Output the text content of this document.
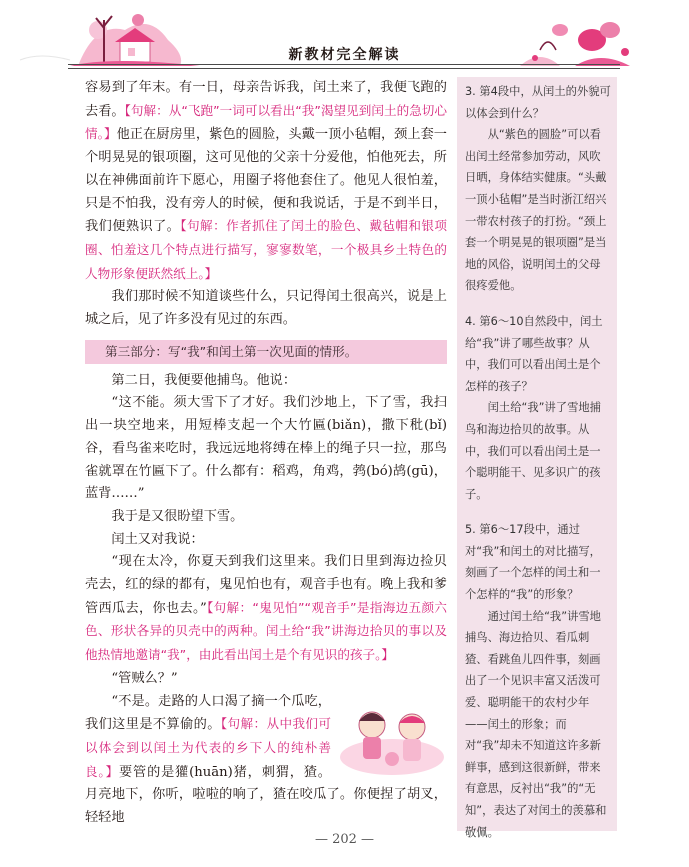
新教材完全解读

容易到了年末。有一日，母亲告诉我，闰土来了，我便飞跑的去看。【句解：从“飞跑”一词可以看出“我”渴望见到闰土的急切心情。】他正在厨房里，紫色的圆脸，头戴一顶小毡帽，颈上套一个明晃晃的银项圈，这可见他的父亲十分爱他，怕他死去，所以在神佛面前许下愿心，用圈子将他套住了。他见人很怕羞，只是不怕我，没有旁人的时候，便和我说话，于是不到半日，我们便熟识了。【句解：作者抓住了闰土的脸色、戴毡帽和银项圈、怕羞这几个特点进行描写，寥寥数笔，一个极具乡土特色的人物形象便跃然纸上。】

我们那时候不知道谈些什么，只记得闰土很高兴，说是上城之后，见了许多没有见过的东西。

第三部分：写“我”和闰土第一次见面的情形。

第二日，我便要他捕鸟。他说：

“这不能。须大雪下了才好。我们沙地上，下了雪，我扫出一块空地来，用短棒支起一个大竹匾(biǎn)，撒下秕(bǐ)谷，看鸟雀来吃时，我远远地将缚在棒上的绳子只一拉，那鸟雀就罩在竹匾下了。什么都有：稻鸡，角鸡，鹁(bó)鸪(gū)，蓝背……”

我于是又很盼望下雪。

闰土又对我说：

“现在太冷，你夏天到我们这里来。我们日里到海边捡贝壳去，红的绿的都有，鬼见怕也有，观音手也有。晚上我和爹管西瓜去，你也去。”【句解：“鬼见怕”“观音手”是指海边五颜六色、形状各异的贝壳中的两种。闰土给“我”讲海边拾贝的事以及他热情地邀请“我”，由此看出闰土是个有见识的孩子。】

“管贼么？”

“不是。走路的人口渴了摘一个瓜吃，我们这里是不算偷的。【句解：从中我们可以体会到以闰土为代表的乡下人的纯朴善良。】要管的是獾(huān)猪，刺猬，猹。月亮地下，你听，啦啦的响了，猹在咬瓜了。你便捏了胡叉，轻轻地

3. 第4段中，从闰土的外貌可以体会到什么？

从“紫色的圆脸”可以看出闰土经常参加劳动，风吹日晒，身体结实健康。“头戴一顶小毡帽”是当时浙江绍兴一带农村孩子的打扮。“颈上套一个明晃晃的银项圈”是当地的风俗，说明闰土的父母很疼爱他。

4. 第6～10自然段中，闰土给“我”讲了哪些故事？从中，我们可以看出闰土是个怎样的孩子？

闰土给“我”讲了雪地捕鸟和海边拾贝的故事。从中，我们可以看出闰土是一个聪明能干、见多识广的孩子。

5. 第6～17段中，通过对“我”和闰土的对比描写，刻画了一个怎样的闰土和一个怎样的“我”的形象？

通过闰土给“我”讲雪地捕鸟、海边拾贝、看瓜刺猹、看跳鱼儿四件事，刻画出了一个见识丰富又活泼可爱、聪明能干的农村少年——闰土的形象；而对“我”却未不知道这许多新鲜事，感到这很新鲜，带来有意思，反衬出“我”的“无知”，表达了对闰土的羡慕和敬佩。

— 202 —
